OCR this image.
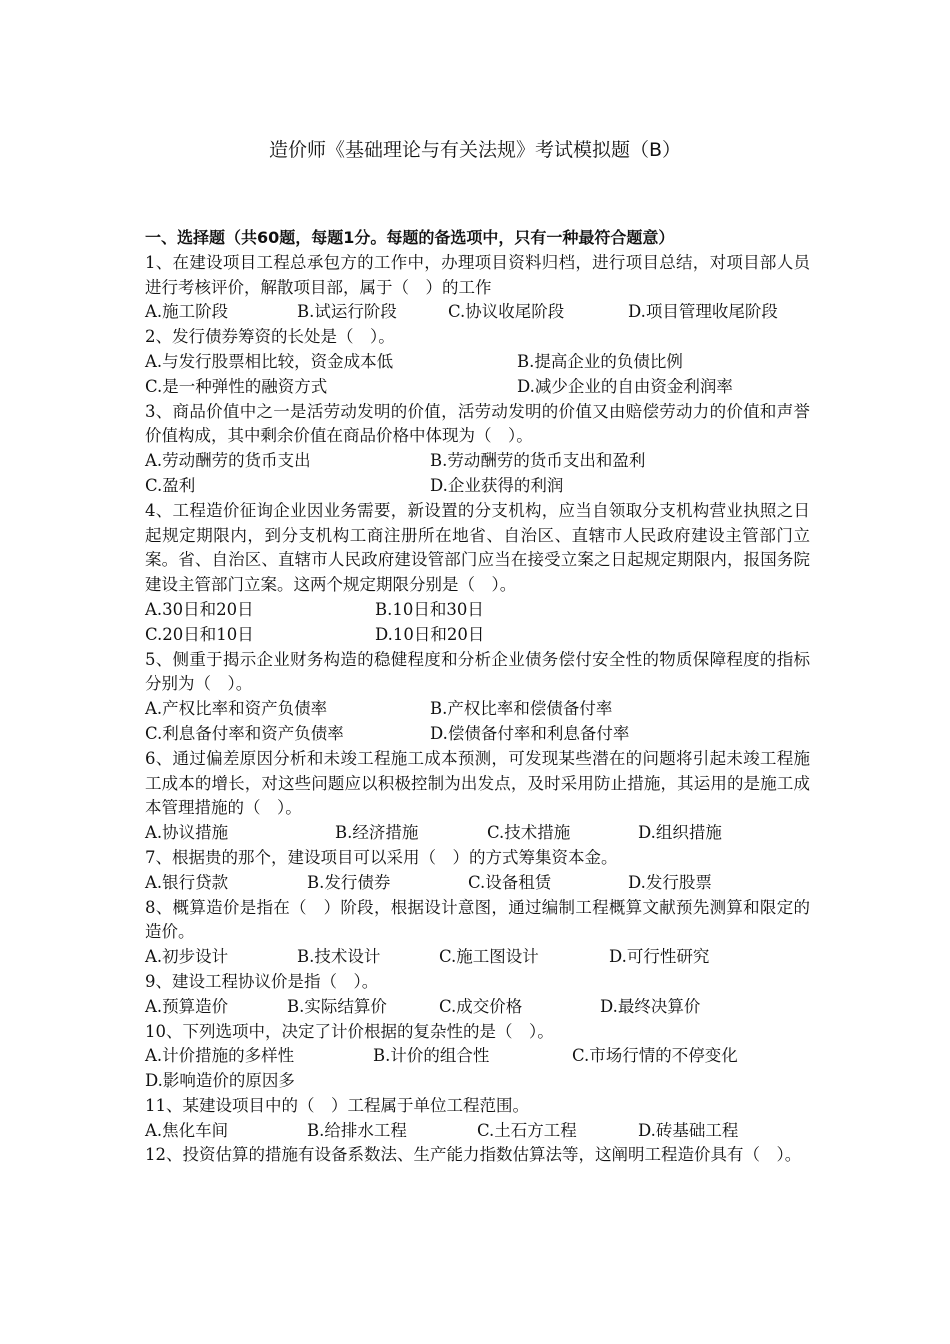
造价师《基础理论与有关法规》考试模拟题（B）
一、选择题（共60题，每题1分。每题的备选项中，只有一种最符合题意）
1、在建设项目工程总承包方的工作中，办理项目资料归档，进行项目总结，对项目部人员进行考核评价，解散项目部，属于（　）的工作
A.施工阶段	B.试运行阶段	C.协议收尾阶段	D.项目管理收尾阶段
2、发行债券筹资的长处是（　）。
A.与发行股票相比较，资金成本低	B.提高企业的负债比例
C.是一种弹性的融资方式	D.减少企业的自由资金利润率
3、商品价值中之一是活劳动发明的价值，活劳动发明的价值又由赔偿劳动力的价值和声誉价值构成，其中剩余价值在商品价格中体现为（　）。
A.劳动酬劳的货币支出	B.劳动酬劳的货币支出和盈利
C.盈利	D.企业获得的利润
4、工程造价征询企业因业务需要，新设置的分支机构，应当自领取分支机构营业执照之日起规定期限内，到分支机构工商注册所在地省、自治区、直辖市人民政府建设主管部门立案。省、自治区、直辖市人民政府建设管部门应当在接受立案之日起规定期限内，报国务院建设主管部门立案。这两个规定期限分别是（　）。
A.30日和20日	B.10日和30日
C.20日和10日	D.10日和20日
5、侧重于揭示企业财务构造的稳健程度和分析企业债务偿付安全性的物质保障程度的指标分别为（　）。
A.产权比率和资产负债率	B.产权比率和偿债备付率
C.利息备付率和资产负债率	D.偿债备付率和利息备付率
6、通过偏差原因分析和未竣工程施工成本预测，可发现某些潜在的问题将引起未竣工程施工成本的增长，对这些问题应以积极控制为出发点，及时采用防止措施，其运用的是施工成本管理措施的（　）。
A.协议措施	B.经济措施	C.技术措施	D.组织措施
7、根据贵的那个，建设项目可以采用（　）的方式筹集资本金。
A.银行贷款	B.发行债券	C.设备租赁	D.发行股票
8、概算造价是指在（　）阶段，根据设计意图，通过编制工程概算文献预先测算和限定的造价。
A.初步设计	B.技术设计	C.施工图设计	D.可行性研究
9、建设工程协议价是指（　）。
A.预算造价	B.实际结算价	C.成交价格	D.最终决算价
10、下列选项中，决定了计价根据的复杂性的是（　）。
A.计价措施的多样性	B.计价的组合性	C.市场行情的不停变化
D.影响造价的原因多
11、某建设项目中的（　）工程属于单位工程范围。
A.焦化车间	B.给排水工程	C.土石方工程	D.砖基础工程
12、投资估算的措施有设备系数法、生产能力指数估算法等，这阐明工程造价具有（　）。
